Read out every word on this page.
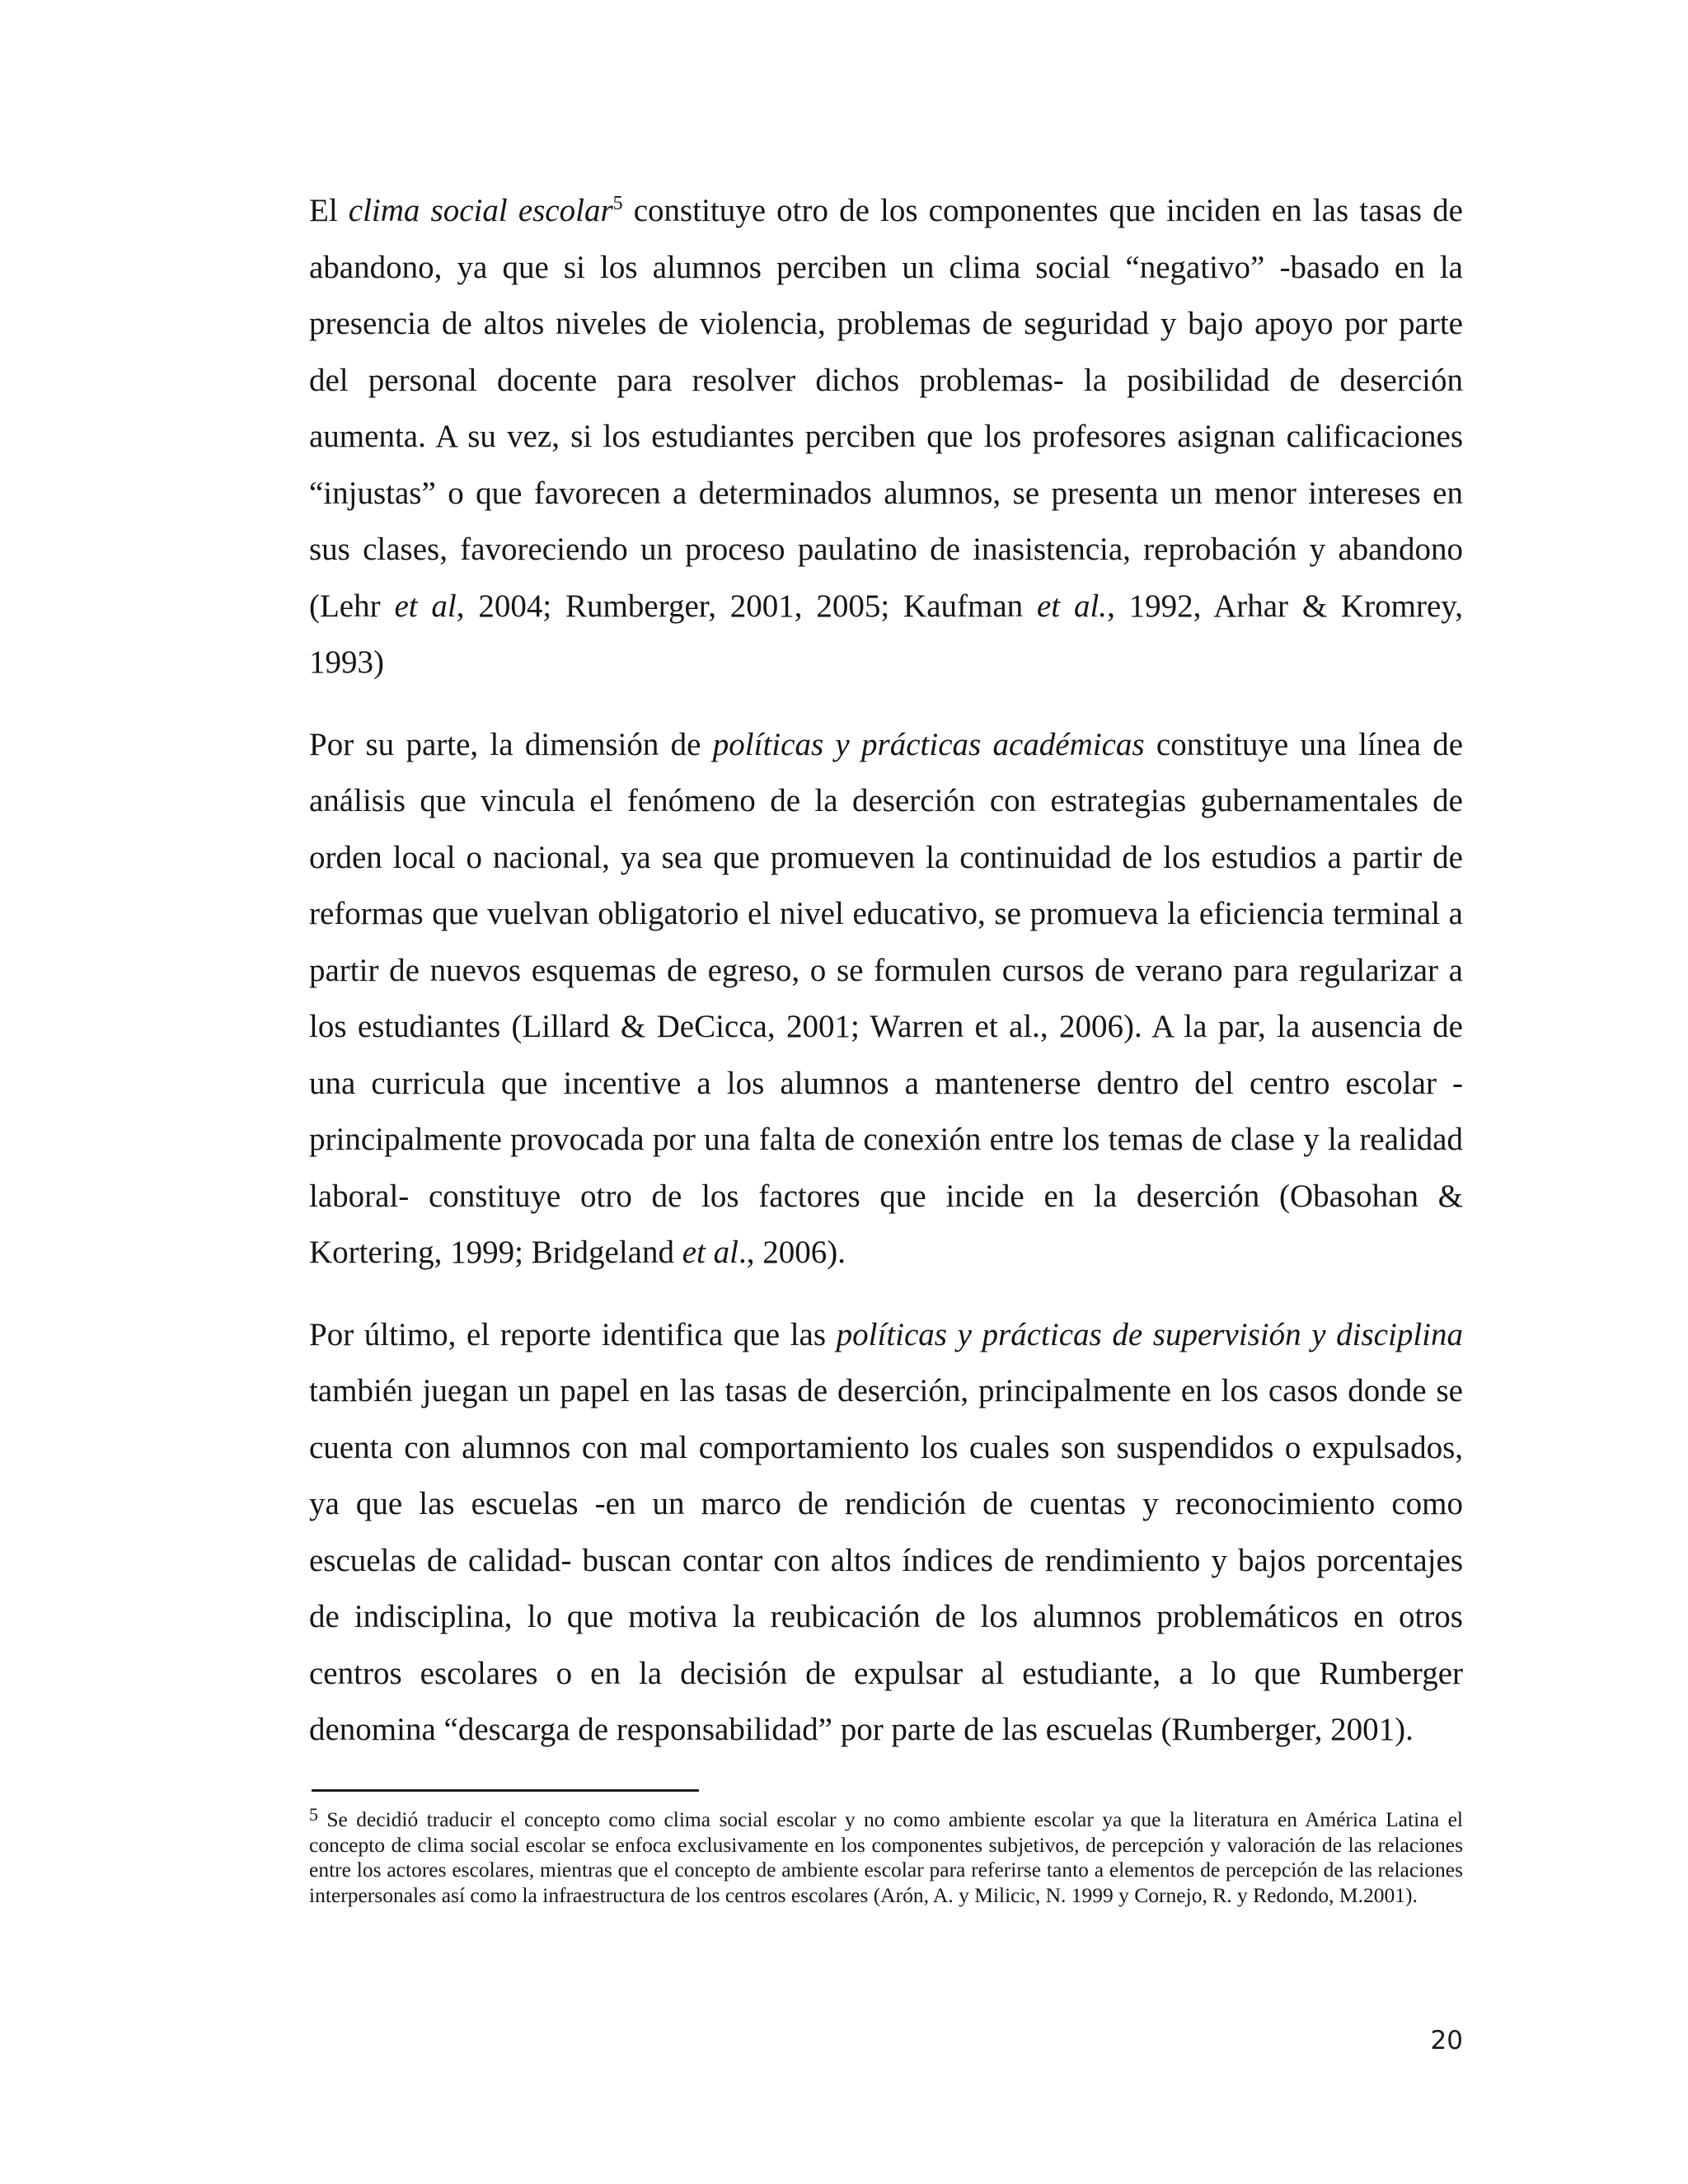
El clima social escolar$^5$ constituye otro de los componentes que inciden en las tasas de abandono, ya que si los alumnos perciben un clima social “negativo” -basado en la presencia de altos niveles de violencia, problemas de seguridad y bajo apoyo por parte del personal docente para resolver dichos problemas- la posibilidad de deserción aumenta. A su vez, si los estudiantes perciben que los profesores asignan calificaciones “injustas” o que favorecen a determinados alumnos, se presenta un menor intereses en sus clases, favoreciendo un proceso paulatino de inasistencia, reprobación y abandono (Lehr et al, 2004; Rumberger, 2001, 2005; Kaufman et al., 1992, Arhar & Kromrey, 1993)

Por su parte, la dimensión de políticas y prácticas académicas constituye una línea de análisis que vincula el fenómeno de la deserción con estrategias gubernamentales de orden local o nacional, ya sea que promueven la continuidad de los estudios a partir de reformas que vuelvan obligatorio el nivel educativo, se promueva la eficiencia terminal a partir de nuevos esquemas de egreso, o se formulen cursos de verano para regularizar a los estudiantes (Lillard & DeCicca, 2001; Warren et al., 2006). A la par, la ausencia de una curricula que incentive a los alumnos a mantenerse dentro del centro escolar - principalmente provocada por una falta de conexión entre los temas de clase y la realidad laboral- constituye otro de los factores que incide en la deserción (Obasohan & Kortering, 1999; Bridgeland et al., 2006).

Por último, el reporte identifica que las políticas y prácticas de supervisión y disciplina también juegan un papel en las tasas de deserción, principalmente en los casos donde se cuenta con alumnos con mal comportamiento los cuales son suspendidos o expulsados, ya que las escuelas -en un marco de rendición de cuentas y reconocimiento como escuelas de calidad- buscan contar con altos índices de rendimiento y bajos porcentajes de indisciplina, lo que motiva la reubicación de los alumnos problemáticos en otros centros escolares o en la decisión de expulsar al estudiante, a lo que Rumberger denomina “descarga de responsabilidad” por parte de las escuelas (Rumberger, 2001).

$^5$ Se decidió traducir el concepto como clima social escolar y no como ambiente escolar ya que la literatura en América Latina el concepto de clima social escolar se enfoca exclusivamente en los componentes subjetivos, de percepción y valoración de las relaciones entre los actores escolares, mientras que el concepto de ambiente escolar para referirse tanto a elementos de percepción de las relaciones interpersonales así como la infraestructura de los centros escolares (Arón, A. y Milicic, N. 1999 y Cornejo, R. y Redondo, M.2001).
20
